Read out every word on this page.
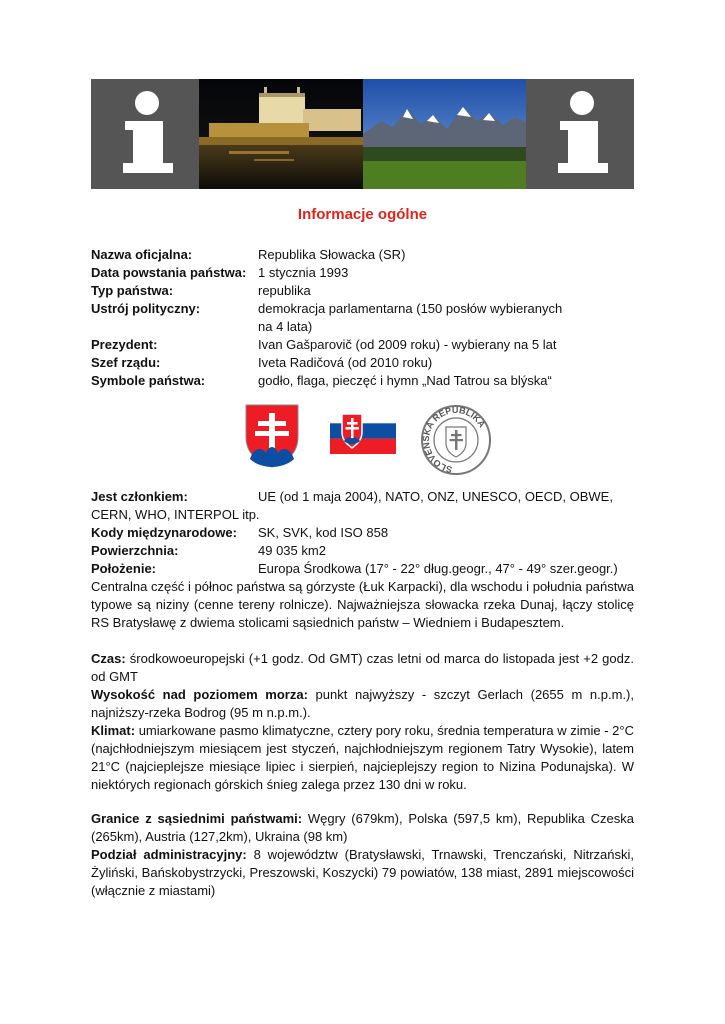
Informacje ogólne
Nazwa oficjalna:	Republika Słowacka (SR)
Data powstania państwa: 1 stycznia 1993
Typ państwa:	republika
Ustrój polityczny:	demokracja parlamentarna (150 posłów wybieranych
na 4 lata)
Prezydent:	Ivan Gašparovič (od 2009 roku) - wybierany na 5 lat
Szef rządu:	Iveta Radičová (od 2010 roku)
Symbole państwa:	godło, flaga, pieczęć i hymn „Nad Tatrou sa blýska“
SLOVENSKÁ REPUBLIKA
Jest członkiem:	UE (od 1 maja 2004), NATO, ONZ, UNESCO, OECD, OBWE,
CERN, WHO, INTERPOL itp.
Kody międzynarodowe: SK, SVK, kod ISO 858
Powierzchnia:	49 035 km2
Położenie:	Europa Środkowa (17° - 22° dług.geogr., 47° - 49° szer.geogr.)
Centralna część i północ państwa są górzyste (Łuk Karpacki), dla wschodu i południa państwa typowe są niziny (cenne tereny rolnicze). Najważniejsza słowacka rzeka Dunaj, łączy stolicę RS Bratysławę z dwiema stolicami sąsiednich państw – Wiedniem i Budapesztem.
Czas: środkowoeuropejski (+1 godz. Od GMT) czas letni od marca do listopada jest +2 godz. od GMT
Wysokość nad poziomem morza: punkt najwyższy - szczyt Gerlach (2655 m n.p.m.), najniższy-rzeka Bodrog (95 m n.p.m.).
Klimat: umiarkowane pasmo klimatyczne, cztery pory roku, średnia temperatura w zimie - 2°C (najchłodniejszym miesiącem jest styczeń, najchłodniejszym regionem Tatry Wysokie), latem 21°C (najcieplejsze miesiące lipiec i sierpień, najcieplejszy region to Nizina Podunajska). W niektórych regionach górskich śnieg zalega przez 130 dni w roku.
Granice z sąsiednimi państwami: Węgry (679km), Polska (597,5 km), Republika Czeska (265km), Austria (127,2km), Ukraina (98 km)
Podział administracyjny: 8 województw (Bratysławski, Trnawski, Trenczański, Nitrzański, Żyliński, Bańskobystrzycki, Preszowski, Koszycki) 79 powiatów, 138 miast, 2891 miejscowości (włącznie z miastami)
